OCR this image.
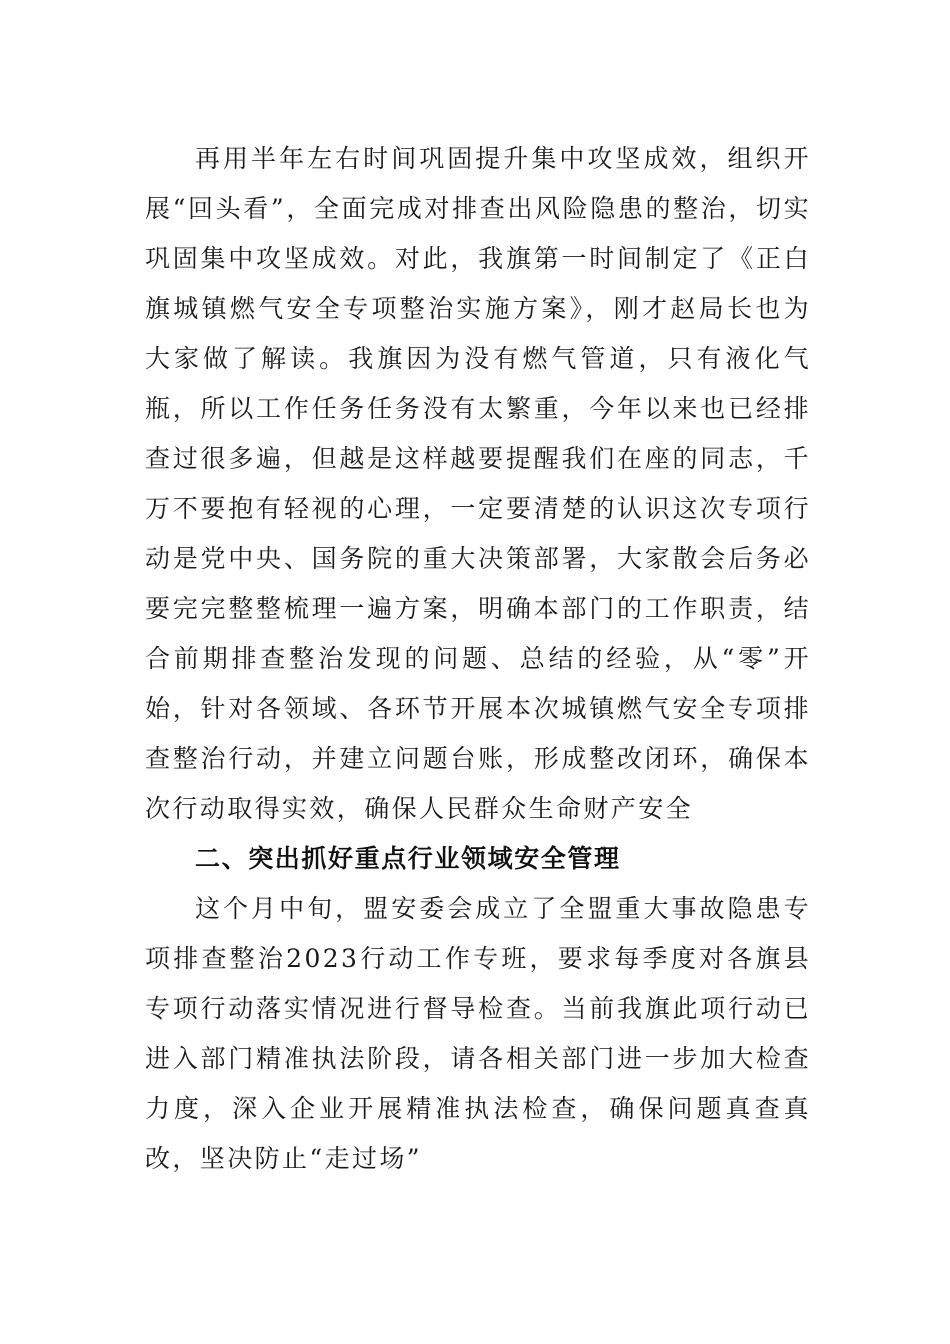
再用半年左右时间巩固提升集中攻坚成效，组织开展“回头看”，全面完成对排查出风险隐患的整治，切实巩固集中攻坚成效。对此，我旗第一时间制定了《正白旗城镇燃气安全专项整治实施方案》，刚才赵局长也为大家做了解读。我旗因为没有燃气管道，只有液化气瓶，所以工作任务任务没有太繁重，今年以来也已经排查过很多遍，但越是这样越要提醒我们在座的同志，千万不要抱有轻视的心理，一定要清楚的认识这次专项行动是党中央、国务院的重大决策部署，大家散会后务必要完完整整梳理一遍方案，明确本部门的工作职责，结合前期排查整治发现的问题、总结的经验，从“零”开始，针对各领域、各环节开展本次城镇燃气安全专项排查整治行动，并建立问题台账，形成整改闭环，确保本次行动取得实效，确保人民群众生命财产安全

二、突出抓好重点行业领域安全管理

这个月中旬，盟安委会成立了全盟重大事故隐患专项排查整治2023行动工作专班，要求每季度对各旗县专项行动落实情况进行督导检查。当前我旗此项行动已进入部门精准执法阶段，请各相关部门进一步加大检查力度，深入企业开展精准执法检查，确保问题真查真改，坚决防止“走过场”
